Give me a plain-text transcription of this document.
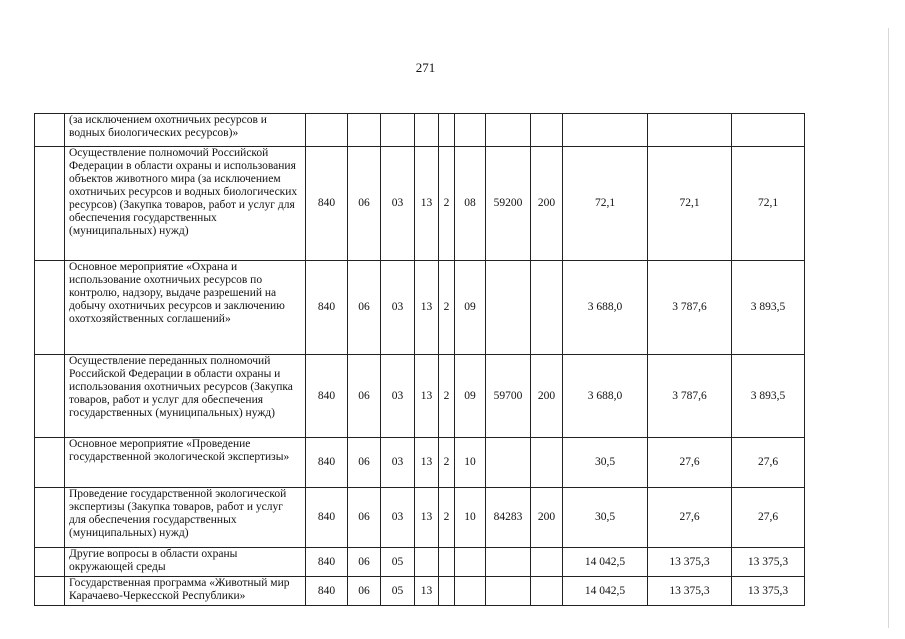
271
	(за исключением охотничьих ресурсов и водных биологических ресурсов)»											
	Осуществление полномочий Российской Федерации в области охраны и использования объектов животного мира (за исключением охотничьих ресурсов и водных биологических ресурсов) (Закупка товаров, работ и услуг для обеспечения государственных (муниципальных) нужд)	840	06	03	13	2	08	59200	200	72,1	72,1	72,1
	Основное мероприятие «Охрана и использование охотничьих ресурсов по контролю, надзору, выдаче разрешений на добычу охотничьих ресурсов и заключению охотхозяйственных соглашений»	840	06	03	13	2	09			3 688,0	3 787,6	3 893,5
	Осуществление переданных полномочий Российской Федерации в области охраны и использования охотничьих ресурсов (Закупка товаров, работ и услуг для обеспечения государственных (муниципальных) нужд)	840	06	03	13	2	09	59700	200	3 688,0	3 787,6	3 893,5
	Основное мероприятие «Проведение государственной экологической экспертизы»	840	06	03	13	2	10			30,5	27,6	27,6
	Проведение государственной экологической экспертизы (Закупка товаров, работ и услуг для обеспечения государственных (муниципальных) нужд)	840	06	03	13	2	10	84283	200	30,5	27,6	27,6
	Другие вопросы в области охраны окружающей среды	840	06	05						14 042,5	13 375,3	13 375,3
	Государственная программа «Животный мир Карачаево-Черкесской Республики»	840	06	05	13					14 042,5	13 375,3	13 375,3
